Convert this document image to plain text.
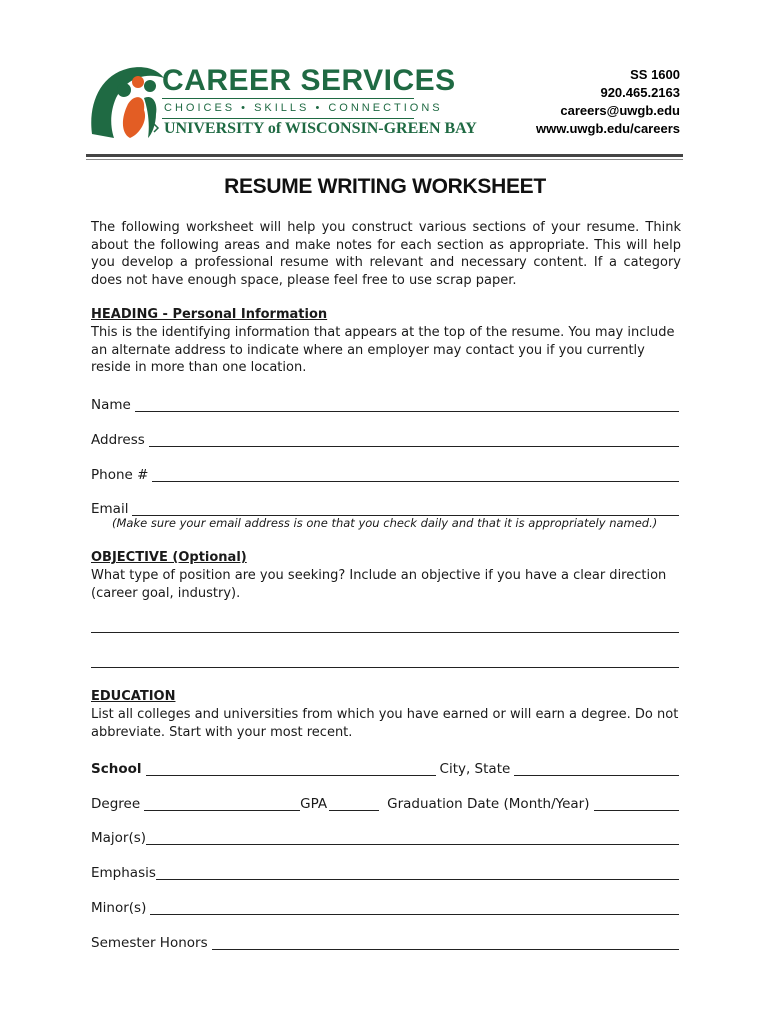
CAREER SERVICES
CHOICES • SKILLS • CONNECTIONS
UNIVERSITY of WISCONSIN-GREEN BAY
SS 1600
920.465.2163
careers@uwgb.edu
www.uwgb.edu/careers
RESUME WRITING WORKSHEET
The following worksheet will help you construct various sections of your resume. Think about the following areas and make notes for each section as appropriate. This will help you develop a professional resume with relevant and necessary content. If a category does not have enough space, please feel free to use scrap paper.
HEADING - Personal Information
This is the identifying information that appears at the top of the resume. You may include an alternate address to indicate where an employer may contact you if you currently reside in more than one location.
Name
Address
Phone #
Email
(Make sure your email address is one that you check daily and that it is appropriately named.)
OBJECTIVE (Optional)
What type of position are you seeking? Include an objective if you have a clear direction (career goal, industry).
EDUCATION
List all colleges and universities from which you have earned or will earn a degree. Do not abbreviate. Start with your most recent.
School	City, State
Degree	GPA	Graduation Date (Month/Year)
Major(s)
Emphasis
Minor(s)
Semester Honors
